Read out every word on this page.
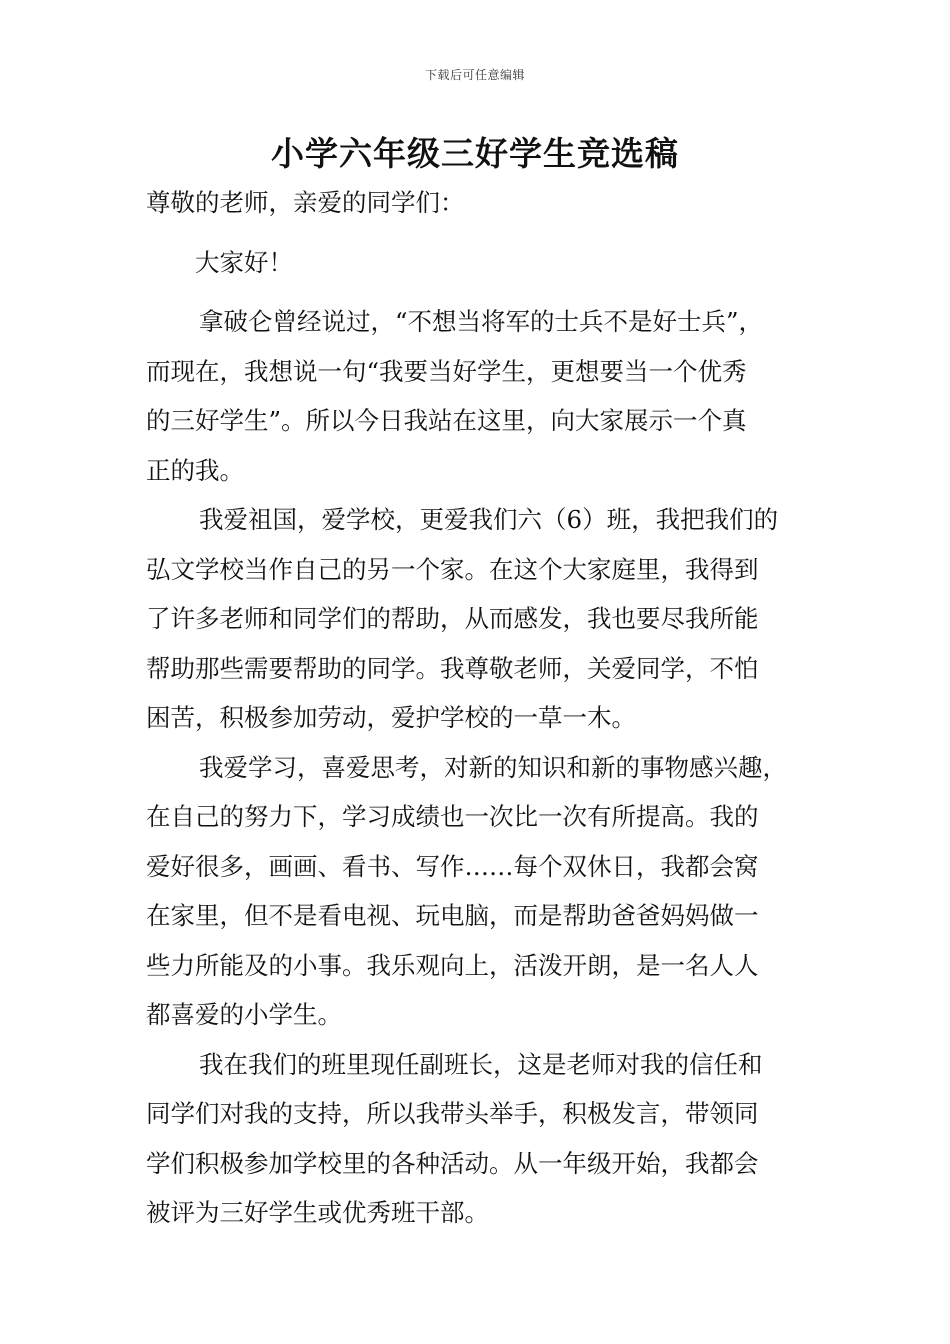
下载后可任意编辑
小学六年级三好学生竞选稿

尊敬的老师，亲爱的同学们：

大家好！

拿破仑曾经说过，“不想当将军的士兵不是好士兵”，
而现在，我想说一句“我要当好学生，更想要当一个优秀
的三好学生”。所以今日我站在这里，向大家展示一个真
正的我。

我爱祖国，爱学校，更爱我们六（6）班，我把我们的
弘文学校当作自己的另一个家。在这个大家庭里，我得到
了许多老师和同学们的帮助，从而感发，我也要尽我所能
帮助那些需要帮助的同学。我尊敬老师，关爱同学，不怕
困苦，积极参加劳动，爱护学校的一草一木。

我爱学习，喜爱思考，对新的知识和新的事物感兴趣，
在自己的努力下，学习成绩也一次比一次有所提高。我的
爱好很多，画画、看书、写作……每个双休日，我都会窝
在家里，但不是看电视、玩电脑，而是帮助爸爸妈妈做一
些力所能及的小事。我乐观向上，活泼开朗，是一名人人
都喜爱的小学生。

我在我们的班里现任副班长，这是老师对我的信任和
同学们对我的支持，所以我带头举手，积极发言，带领同
学们积极参加学校里的各种活动。从一年级开始，我都会
被评为三好学生或优秀班干部。
